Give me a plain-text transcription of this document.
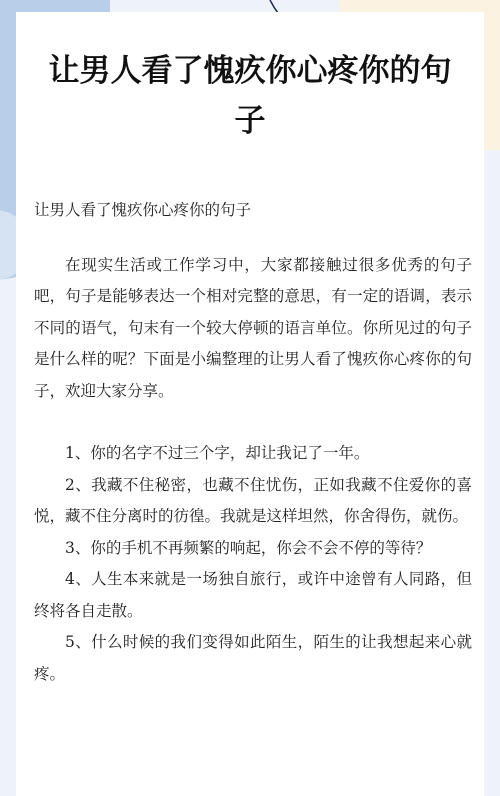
让男人看了愧疚你心疼你的句子

让男人看了愧疚你心疼你的句子

在现实生活或工作学习中，大家都接触过很多优秀的句子吧，句子是能够表达一个相对完整的意思，有一定的语调，表示不同的语气，句末有一个较大停顿的语言单位。你所见过的句子是什么样的呢？下面是小编整理的让男人看了愧疚你心疼你的句子，欢迎大家分享。

1、你的名字不过三个字，却让我记了一年。

2、我藏不住秘密，也藏不住忧伤，正如我藏不住爱你的喜悦，藏不住分离时的彷徨。我就是这样坦然，你舍得伤，就伤。

3、你的手机不再频繁的响起，你会不会不停的等待？

4、人生本来就是一场独自旅行，或许中途曾有人同路，但终将各自走散。

5、什么时候的我们变得如此陌生，陌生的让我想起来心就疼。
